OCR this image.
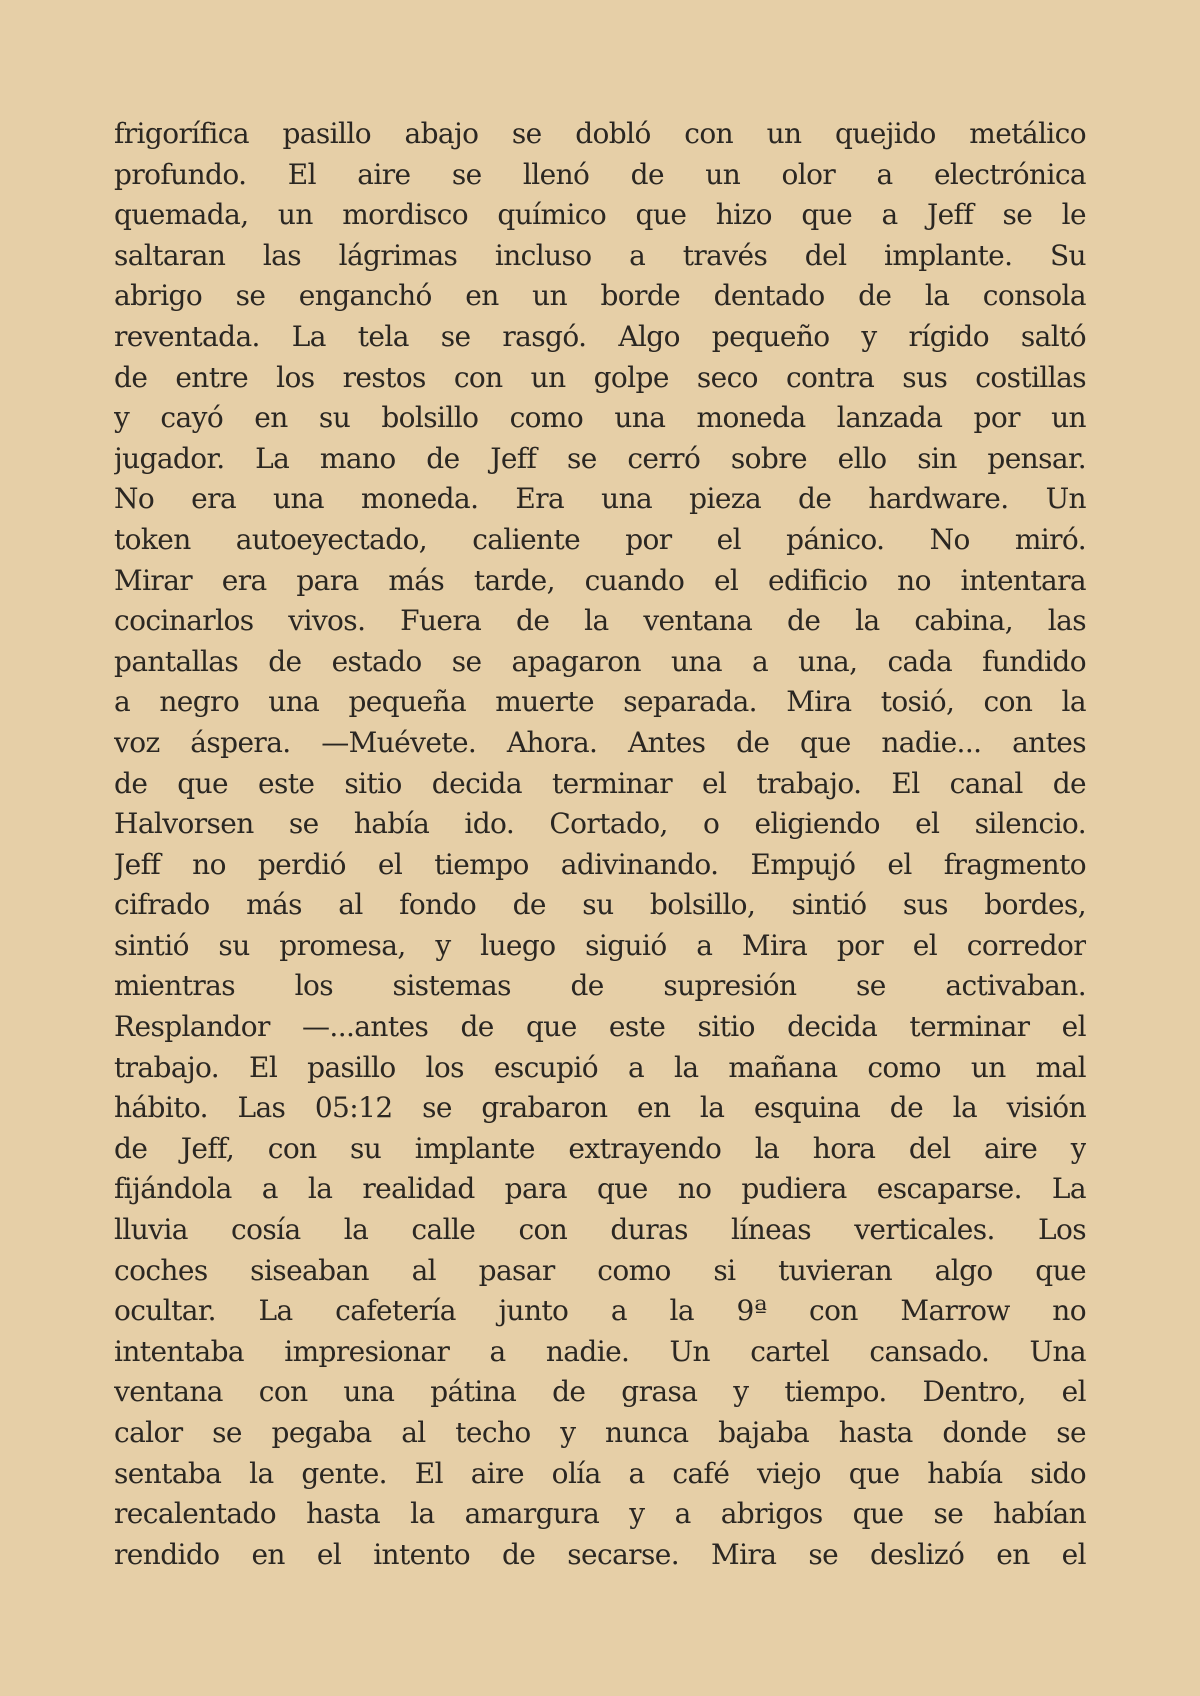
frigorífica pasillo abajo se dobló con un quejido metálico
profundo. El aire se llenó de un olor a electrónica
quemada, un mordisco químico que hizo que a Jeff se le
saltaran las lágrimas incluso a través del implante. Su
abrigo se enganchó en un borde dentado de la consola
reventada. La tela se rasgó. Algo pequeño y rígido saltó
de entre los restos con un golpe seco contra sus costillas
y cayó en su bolsillo como una moneda lanzada por un
jugador. La mano de Jeff se cerró sobre ello sin pensar.
No era una moneda. Era una pieza de hardware. Un
token autoeyectado, caliente por el pánico. No miró.
Mirar era para más tarde, cuando el edificio no intentara
cocinarlos vivos. Fuera de la ventana de la cabina, las
pantallas de estado se apagaron una a una, cada fundido
a negro una pequeña muerte separada. Mira tosió, con la
voz áspera. —Muévete. Ahora. Antes de que nadie... antes
de que este sitio decida terminar el trabajo. El canal de
Halvorsen se había ido. Cortado, o eligiendo el silencio.
Jeff no perdió el tiempo adivinando. Empujó el fragmento
cifrado más al fondo de su bolsillo, sintió sus bordes,
sintió su promesa, y luego siguió a Mira por el corredor
mientras los sistemas de supresión se activaban.
Resplandor —...antes de que este sitio decida terminar el
trabajo. El pasillo los escupió a la mañana como un mal
hábito. Las 05:12 se grabaron en la esquina de la visión
de Jeff, con su implante extrayendo la hora del aire y
fijándola a la realidad para que no pudiera escaparse. La
lluvia cosía la calle con duras líneas verticales. Los
coches siseaban al pasar como si tuvieran algo que
ocultar. La cafetería junto a la 9ª con Marrow no
intentaba impresionar a nadie. Un cartel cansado. Una
ventana con una pátina de grasa y tiempo. Dentro, el
calor se pegaba al techo y nunca bajaba hasta donde se
sentaba la gente. El aire olía a café viejo que había sido
recalentado hasta la amargura y a abrigos que se habían
rendido en el intento de secarse. Mira se deslizó en el
